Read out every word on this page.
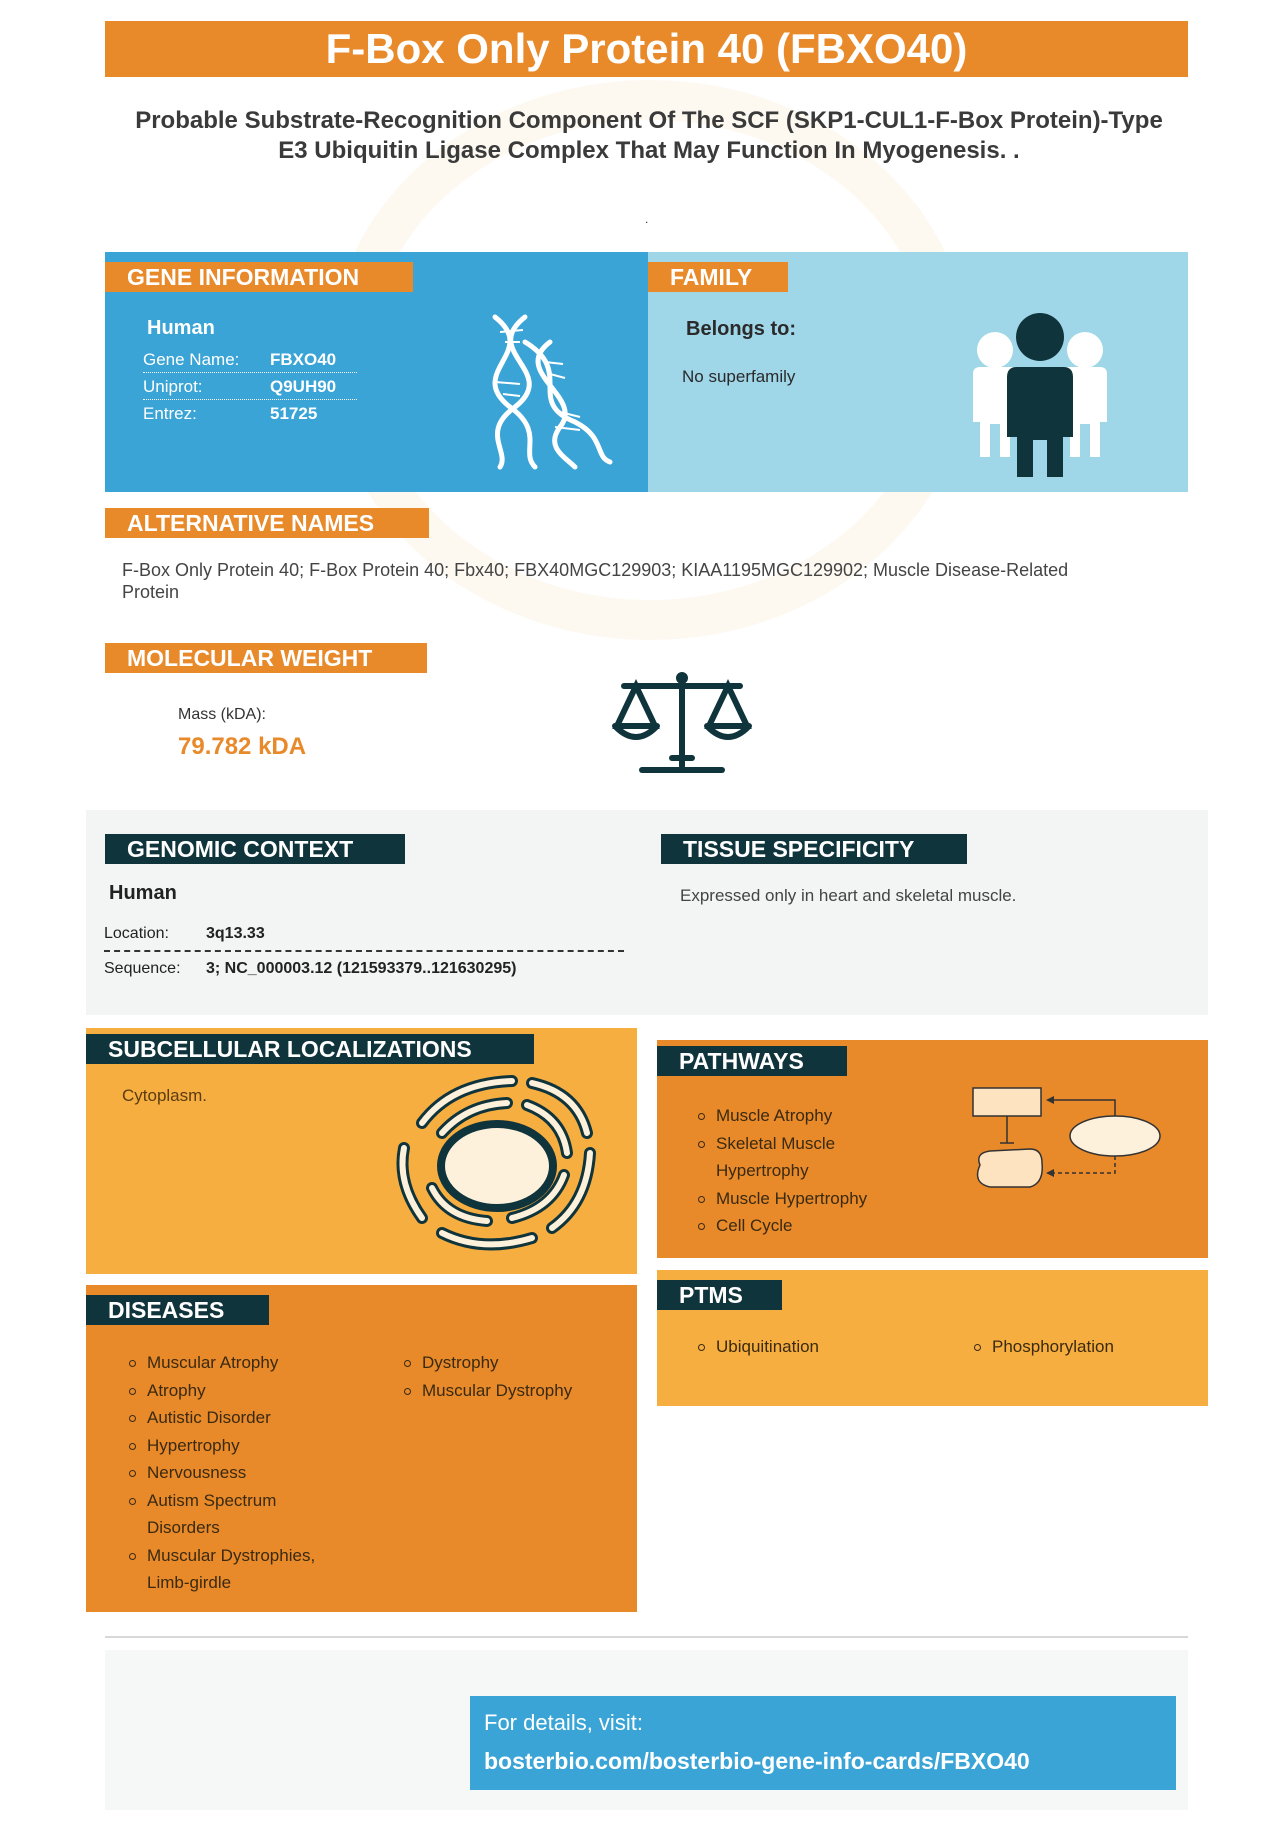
F-Box Only Protein 40 (FBXO40)
Probable Substrate-Recognition Component Of The SCF (SKP1-CUL1-F-Box Protein)-Type E3 Ubiquitin Ligase Complex That May Function In Myogenesis. .
.
GENE INFORMATION
Human
Gene Name:	FBXO40
Uniprot:	Q9UH90
Entrez:	51725
FAMILY
Belongs to:
No superfamily
ALTERNATIVE NAMES
F-Box Only Protein 40; F-Box Protein 40; Fbx40; FBX40MGC129903; KIAA1195MGC129902; Muscle Disease-Related Protein
MOLECULAR WEIGHT
Mass (kDA):
79.782 kDA
GENOMIC CONTEXT
Human
Location: 3q13.33
Sequence: 3; NC_000003.12 (121593379..121630295)
TISSUE SPECIFICITY
Expressed only in heart and skeletal muscle.
SUBCELLULAR LOCALIZATIONS
Cytoplasm.
PATHWAYS
Muscle Atrophy
Skeletal Muscle Hypertrophy
Muscle Hypertrophy
Cell Cycle
PTMS
Ubiquitination	Phosphorylation
DISEASES
Muscular Atrophy
Atrophy
Autistic Disorder
Hypertrophy
Nervousness
Autism Spectrum Disorders
Muscular Dystrophies, Limb-girdle
Dystrophy
Muscular Dystrophy
For details, visit:
bosterbio.com/bosterbio-gene-info-cards/FBXO40
